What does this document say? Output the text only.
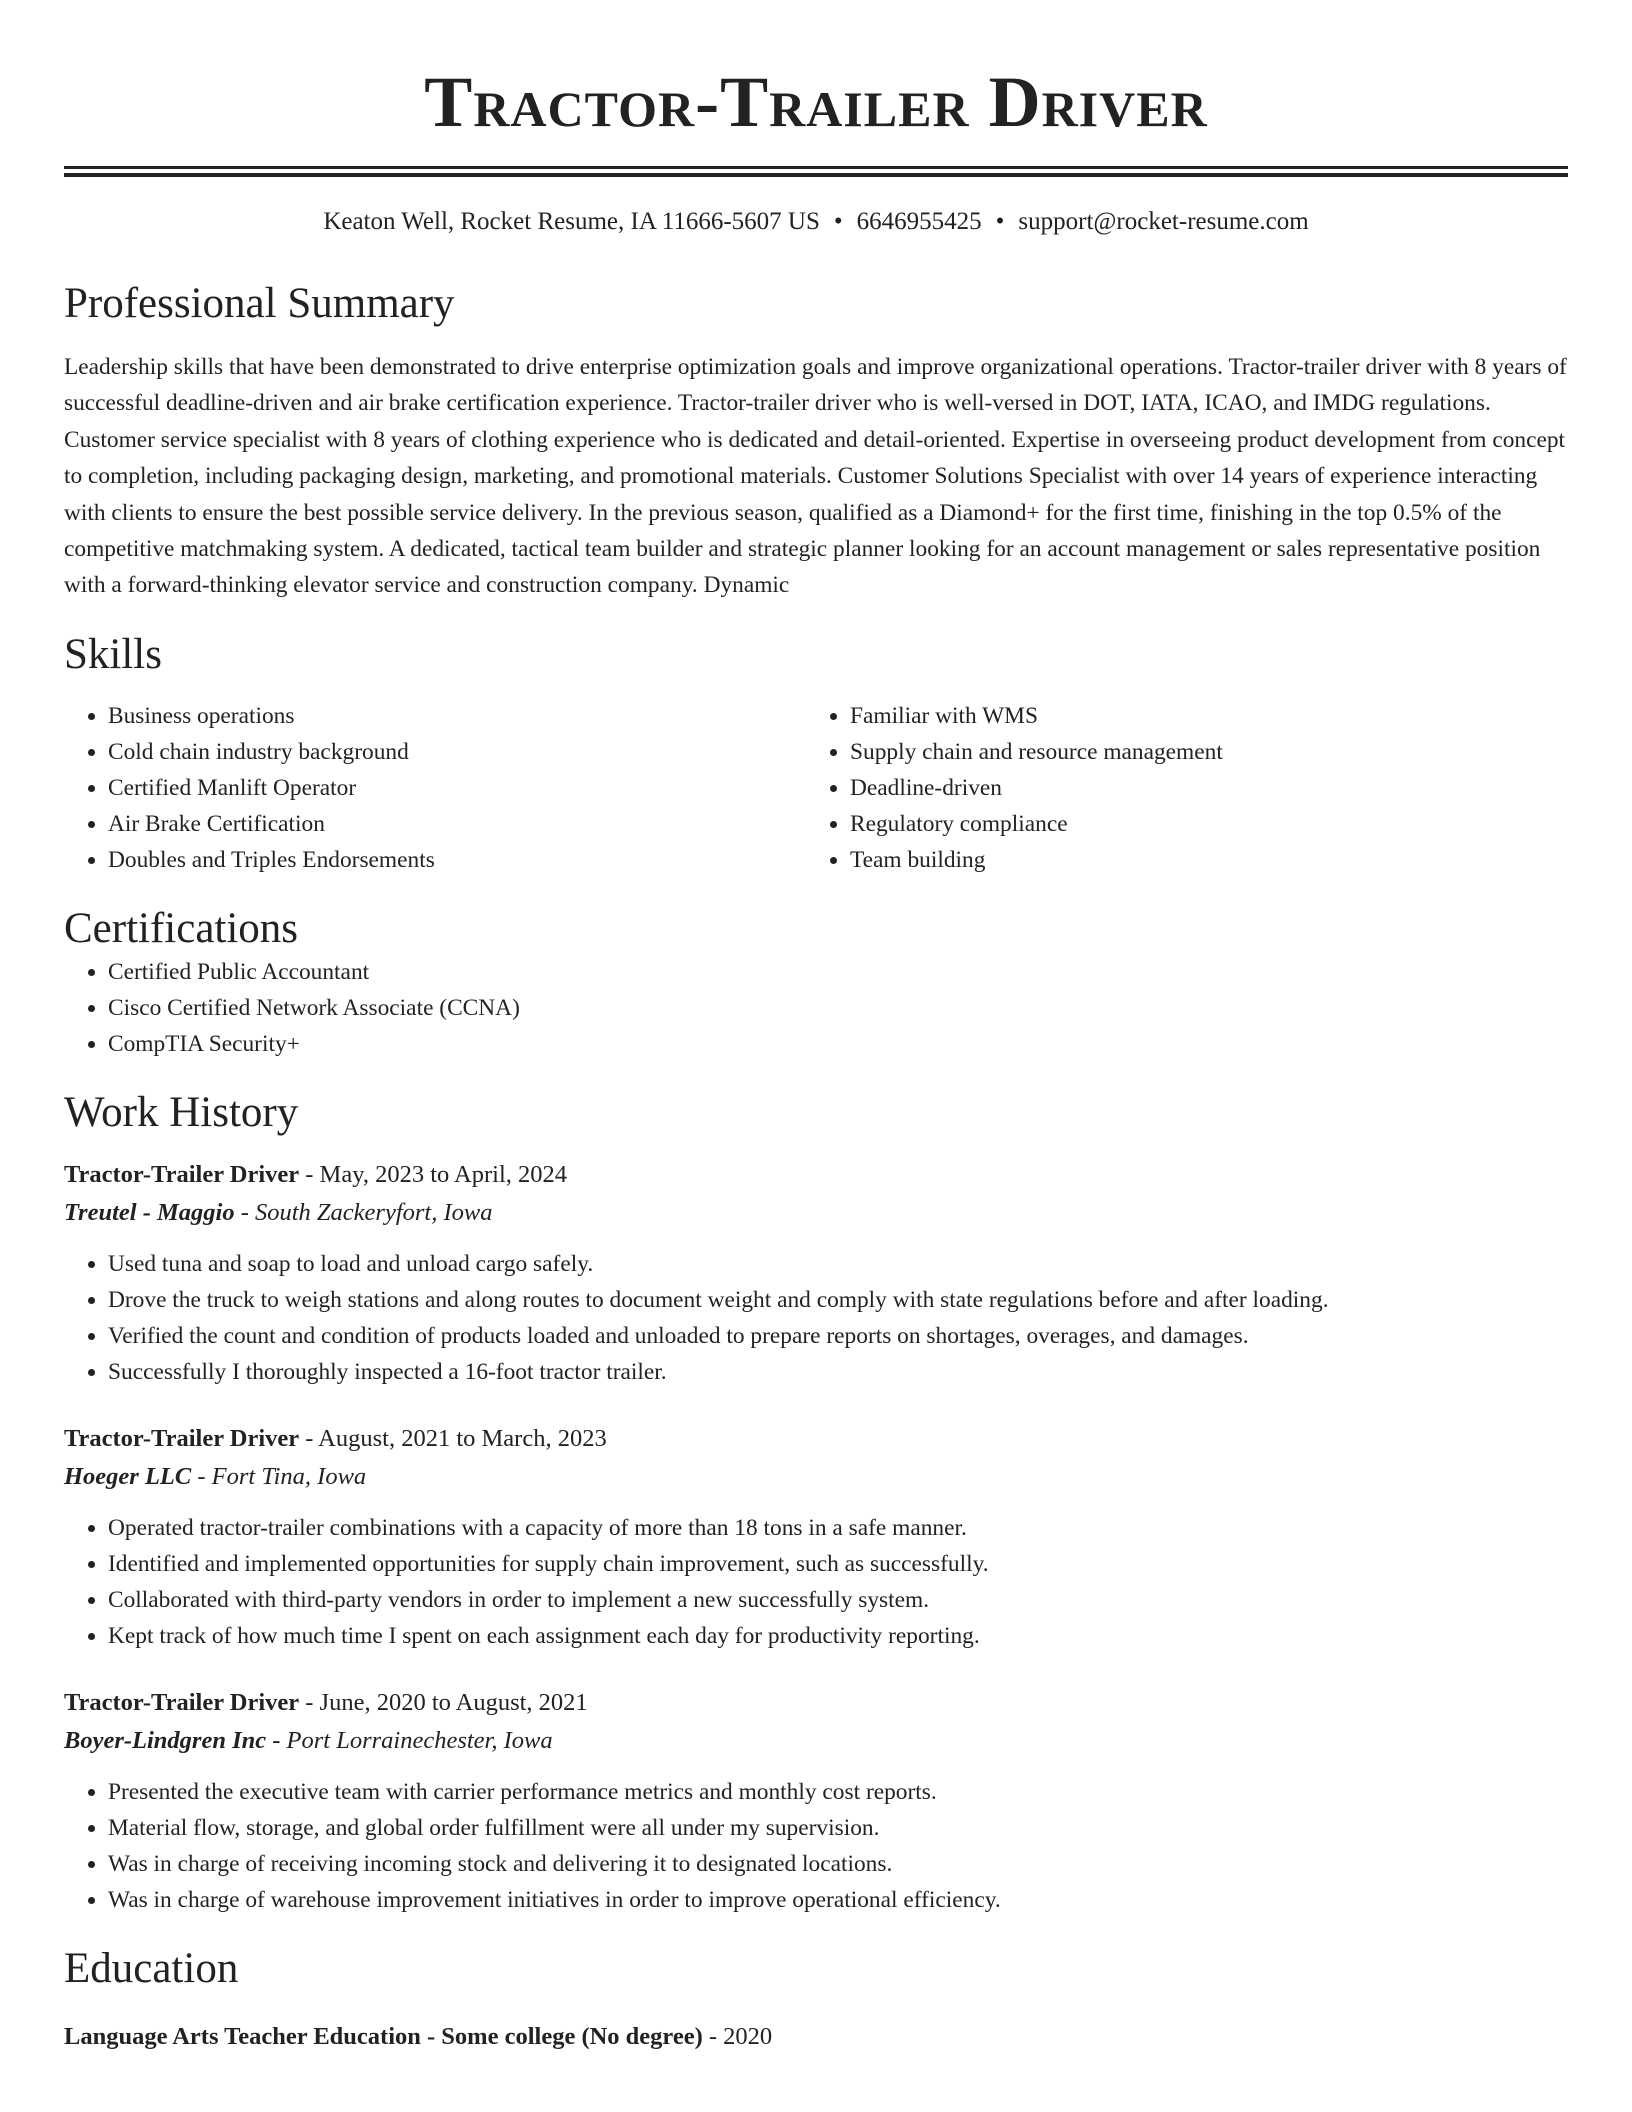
Tractor-Trailer Driver
Keaton Well, Rocket Resume, IA 11666-5607 US • 6646955425 • support@rocket-resume.com
Professional Summary
Leadership skills that have been demonstrated to drive enterprise optimization goals and improve organizational operations. Tractor-trailer driver with 8 years of successful deadline-driven and air brake certification experience. Tractor-trailer driver who is well-versed in DOT, IATA, ICAO, and IMDG regulations. Customer service specialist with 8 years of clothing experience who is dedicated and detail-oriented. Expertise in overseeing product development from concept to completion, including packaging design, marketing, and promotional materials. Customer Solutions Specialist with over 14 years of experience interacting with clients to ensure the best possible service delivery. In the previous season, qualified as a Diamond+ for the first time, finishing in the top 0.5% of the competitive matchmaking system. A dedicated, tactical team builder and strategic planner looking for an account management or sales representative position with a forward-thinking elevator service and construction company. Dynamic
Skills
• Business operations
• Cold chain industry background
• Certified Manlift Operator
• Air Brake Certification
• Doubles and Triples Endorsements
• Familiar with WMS
• Supply chain and resource management
• Deadline-driven
• Regulatory compliance
• Team building
Certifications
• Certified Public Accountant
• Cisco Certified Network Associate (CCNA)
• CompTIA Security+
Work History
Tractor-Trailer Driver - May, 2023 to April, 2024
Treutel - Maggio - South Zackeryfort, Iowa
• Used tuna and soap to load and unload cargo safely.
• Drove the truck to weigh stations and along routes to document weight and comply with state regulations before and after loading.
• Verified the count and condition of products loaded and unloaded to prepare reports on shortages, overages, and damages.
• Successfully I thoroughly inspected a 16-foot tractor trailer.
Tractor-Trailer Driver - August, 2021 to March, 2023
Hoeger LLC - Fort Tina, Iowa
• Operated tractor-trailer combinations with a capacity of more than 18 tons in a safe manner.
• Identified and implemented opportunities for supply chain improvement, such as successfully.
• Collaborated with third-party vendors in order to implement a new successfully system.
• Kept track of how much time I spent on each assignment each day for productivity reporting.
Tractor-Trailer Driver - June, 2020 to August, 2021
Boyer-Lindgren Inc - Port Lorrainechester, Iowa
• Presented the executive team with carrier performance metrics and monthly cost reports.
• Material flow, storage, and global order fulfillment were all under my supervision.
• Was in charge of receiving incoming stock and delivering it to designated locations.
• Was in charge of warehouse improvement initiatives in order to improve operational efficiency.
Education
Language Arts Teacher Education - Some college (No degree) - 2020
